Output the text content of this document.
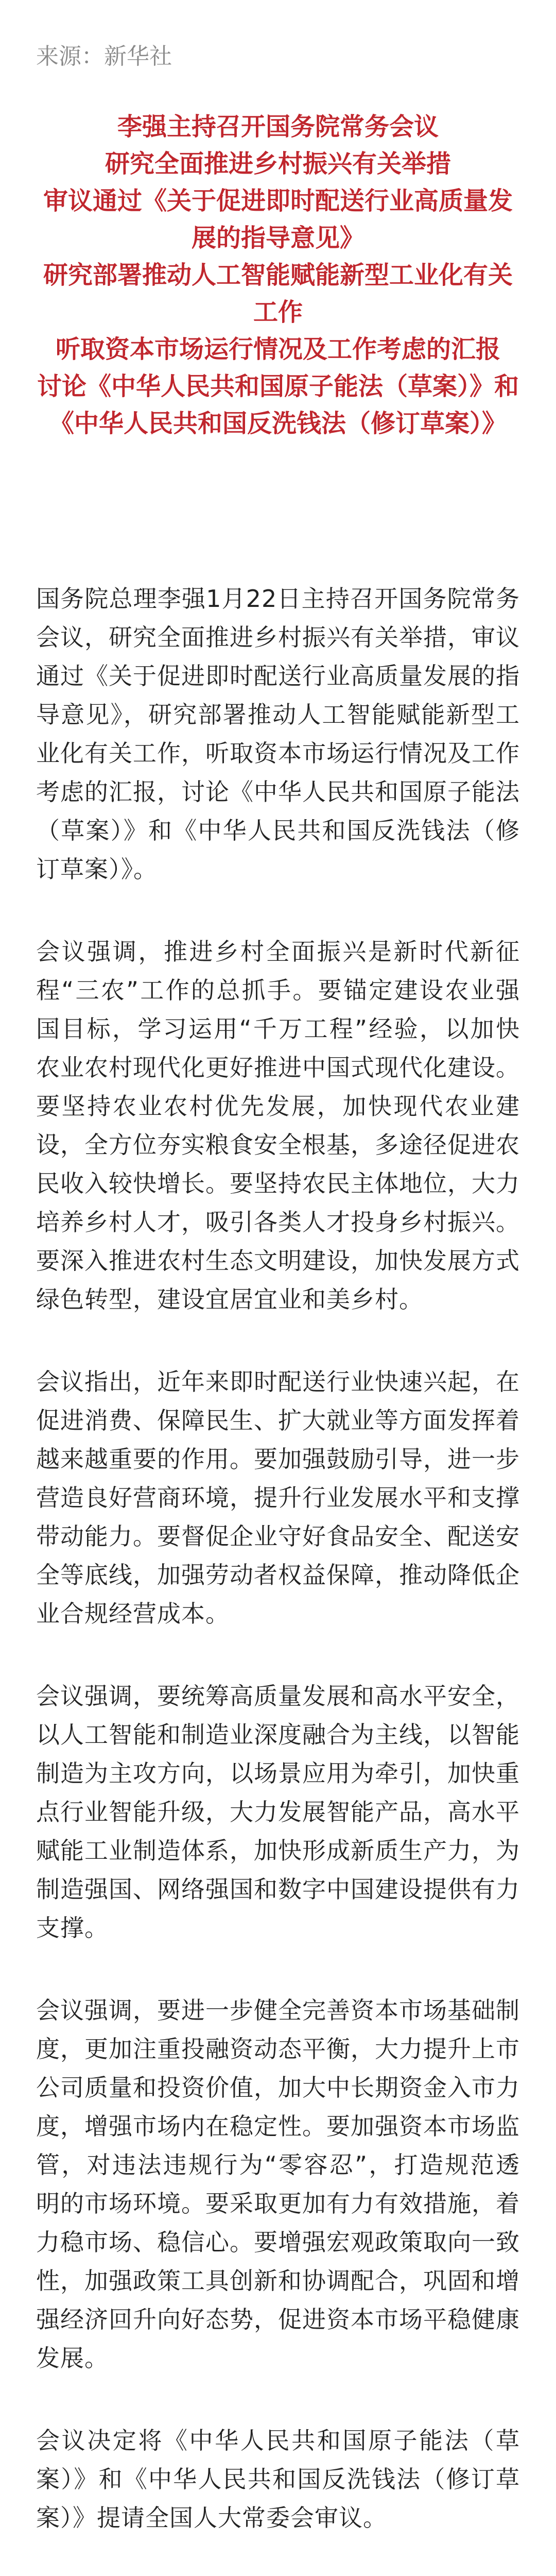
来源：新华社
李强主持召开国务院常务会议
研究全面推进乡村振兴有关举措
审议通过《关于促进即时配送行业高质量发展的指导意见》
研究部署推动人工智能赋能新型工业化有关工作
听取资本市场运行情况及工作考虑的汇报
讨论《中华人民共和国原子能法（草案）》和《中华人民共和国反洗钱法（修订草案）》

国务院总理李强1月22日主持召开国务院常务会议，研究全面推进乡村振兴有关举措，审议通过《关于促进即时配送行业高质量发展的指导意见》，研究部署推动人工智能赋能新型工业化有关工作，听取资本市场运行情况及工作考虑的汇报，讨论《中华人民共和国原子能法（草案）》和《中华人民共和国反洗钱法（修订草案）》。

会议强调，推进乡村全面振兴是新时代新征程“三农”工作的总抓手。要锚定建设农业强国目标，学习运用“千万工程”经验，以加快农业农村现代化更好推进中国式现代化建设。要坚持农业农村优先发展，加快现代农业建设，全方位夯实粮食安全根基，多途径促进农民收入较快增长。要坚持农民主体地位，大力培养乡村人才，吸引各类人才投身乡村振兴。要深入推进农村生态文明建设，加快发展方式绿色转型，建设宜居宜业和美乡村。

会议指出，近年来即时配送行业快速兴起，在促进消费、保障民生、扩大就业等方面发挥着越来越重要的作用。要加强鼓励引导，进一步营造良好营商环境，提升行业发展水平和支撑带动能力。要督促企业守好食品安全、配送安全等底线，加强劳动者权益保障，推动降低企业合规经营成本。

会议强调，要统筹高质量发展和高水平安全，以人工智能和制造业深度融合为主线，以智能制造为主攻方向，以场景应用为牵引，加快重点行业智能升级，大力发展智能产品，高水平赋能工业制造体系，加快形成新质生产力，为制造强国、网络强国和数字中国建设提供有力支撑。

会议强调，要进一步健全完善资本市场基础制度，更加注重投融资动态平衡，大力提升上市公司质量和投资价值，加大中长期资金入市力度，增强市场内在稳定性。要加强资本市场监管，对违法违规行为“零容忍”，打造规范透明的市场环境。要采取更加有力有效措施，着力稳市场、稳信心。要增强宏观政策取向一致性，加强政策工具创新和协调配合，巩固和增强经济回升向好态势，促进资本市场平稳健康发展。

会议决定将《中华人民共和国原子能法（草案）》和《中华人民共和国反洗钱法（修订草案）》提请全国人大常委会审议。
